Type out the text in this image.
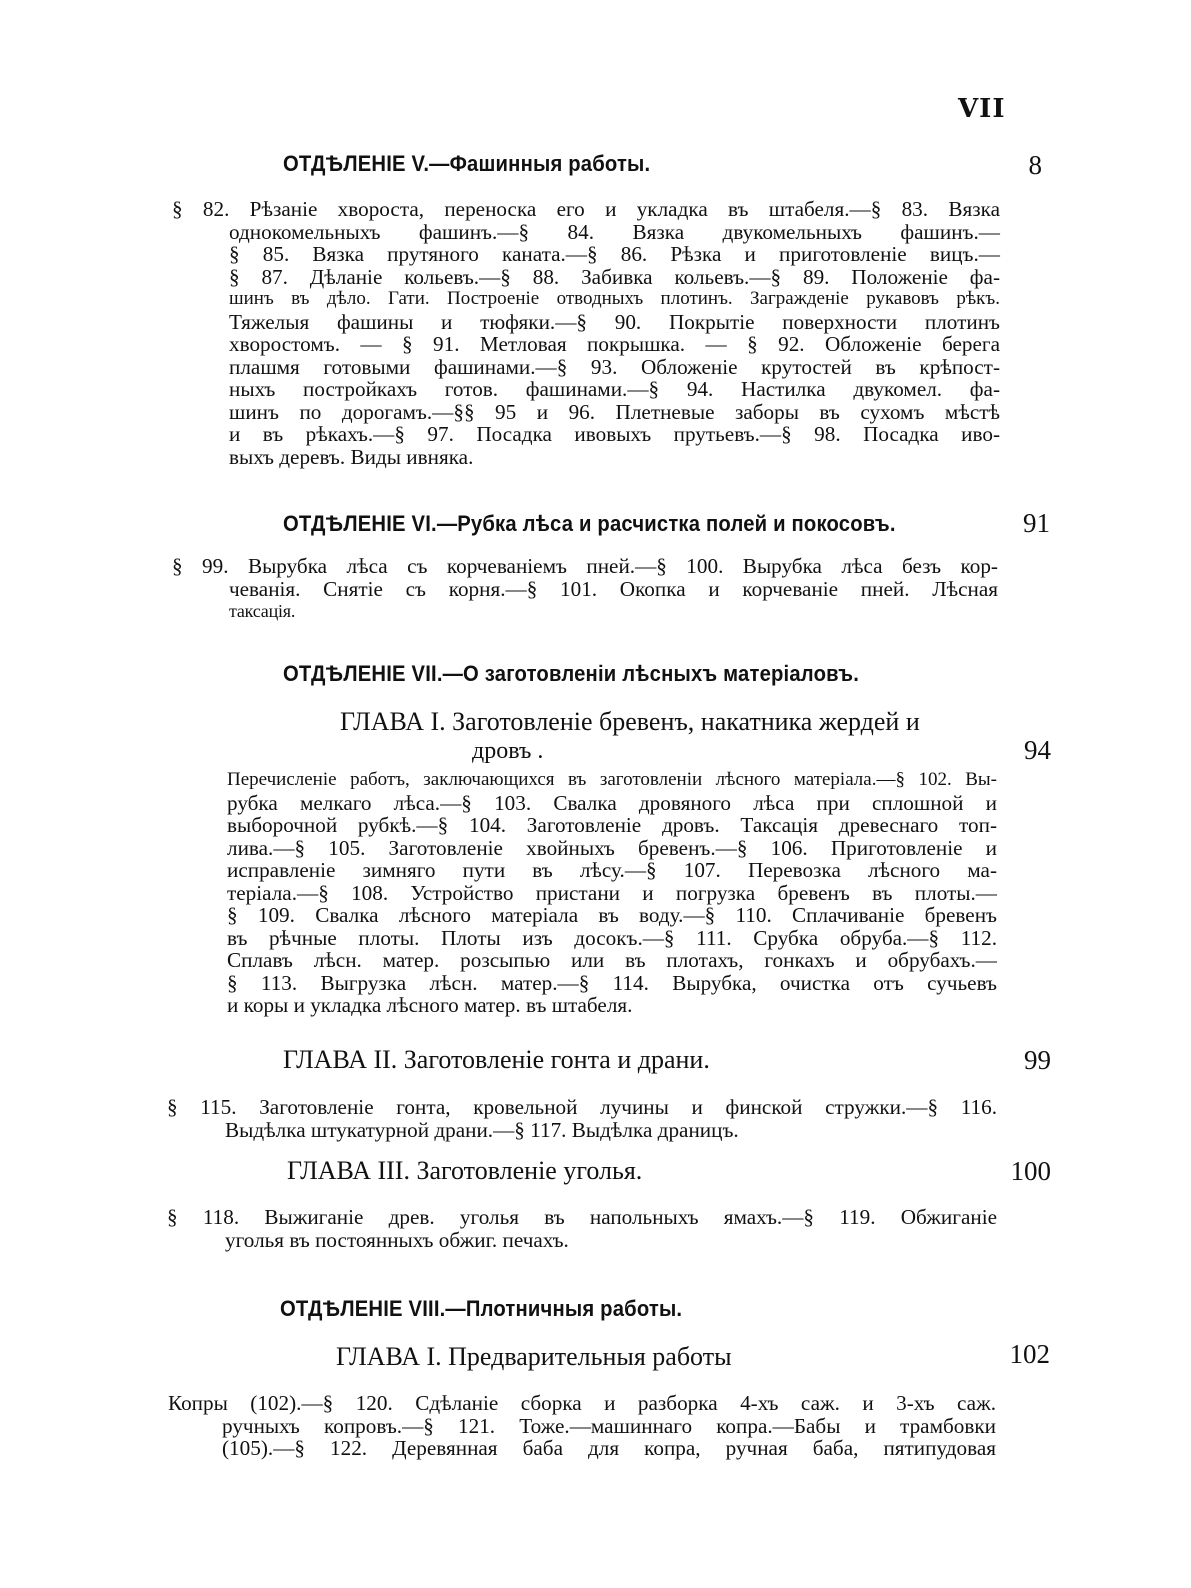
VII
ОТДѢЛЕНІЕ V.—Фашинныя работы.	8
§ 82. Рѣзаніе хвороста, переноска его и укладка въ штабеля.—§ 83. Вязка
однокомельныхъ фашинъ.—§ 84. Вязка двукомельныхъ фашинъ.—
§ 85. Вязка прутяного каната.—§ 86. Рѣзка и приготовленіе вицъ.—
§ 87. Дѣланіе кольевъ.—§ 88. Забивка кольевъ.—§ 89. Положеніе фа-
шинъ въ дѣло. Гати. Построеніе отводныхъ плотинъ. Загражденіе рукавовъ рѣкъ.
Тяжелыя фашины и тюфяки.—§ 90. Покрытіе поверхности плотинъ
хворостомъ. — § 91. Метловая покрышка. — § 92. Обложеніе берега
плашмя готовыми фашинами.—§ 93. Обложеніе крутостей въ крѣпост-
ныхъ постройкахъ готов. фашинами.—§ 94. Настилка двукомел. фа-
шинъ по дорогамъ.—§§ 95 и 96. Плетневые заборы въ сухомъ мѣстѣ
и въ рѣкахъ.—§ 97. Посадка ивовыхъ прутьевъ.—§ 98. Посадка иво-
выхъ деревъ. Виды ивняка.
ОТДѢЛЕНІЕ VI.—Рубка лѣса и расчистка полей и покосовъ.	91
§ 99. Вырубка лѣса съ корчеваніемъ пней.—§ 100. Вырубка лѣса безъ кор-
чеванія. Снятіе съ корня.—§ 101. Окопка и корчеваніе пней. Лѣсная
таксація.
ОТДѢЛЕНІЕ VII.—О заготовленіи лѣсныхъ матеріаловъ.
ГЛАВА I. Заготовленіе бревенъ, накатника жердей и
дровъ .	94
Перечисленіе работъ, заключающихся въ заготовленіи лѣсного матеріала.—§ 102. Вы-
рубка мелкаго лѣса.—§ 103. Свалка дровяного лѣса при сплошной и
выборочной рубкѣ.—§ 104. Заготовленіе дровъ. Таксація древеснаго топ-
лива.—§ 105. Заготовленіе хвойныхъ бревенъ.—§ 106. Приготовленіе и
исправленіе зимняго пути въ лѣсу.—§ 107. Перевозка лѣсного ма-
теріала.—§ 108. Устройство пристани и погрузка бревенъ въ плоты.—
§ 109. Свалка лѣсного матеріала въ воду.—§ 110. Сплачиваніе бревенъ
въ рѣчные плоты. Плоты изъ досокъ.—§ 111. Срубка обруба.—§ 112.
Сплавъ лѣсн. матер. розсыпью или въ плотахъ, гонкахъ и обрубахъ.—
§ 113. Выгрузка лѣсн. матер.—§ 114. Вырубка, очистка отъ сучьевъ
и коры и укладка лѣсного матер. въ штабеля.
ГЛАВА II. Заготовленіе гонта и драни.	99
§ 115. Заготовленіе гонта, кровельной лучины и финской стружки.—§ 116.
Выдѣлка штукатурной драни.—§ 117. Выдѣлка драницъ.
ГЛАВА III. Заготовленіе уголья.	100
§ 118. Выжиганіе древ. уголья въ напольныхъ ямахъ.—§ 119. Обжиганіе
уголья въ постоянныхъ обжиг. печахъ.
ОТДѢЛЕНІЕ VIII.—Плотничныя работы.
ГЛАВА I. Предварительныя работы	102
Копры (102).—§ 120. Сдѣланіе сборка и разборка 4-хъ саж. и 3-хъ саж.
ручныхъ копровъ.—§ 121. Тоже.—машиннаго копра.—Бабы и трамбовки
(105).—§ 122. Деревянная баба для копра, ручная баба, пятипудовая
